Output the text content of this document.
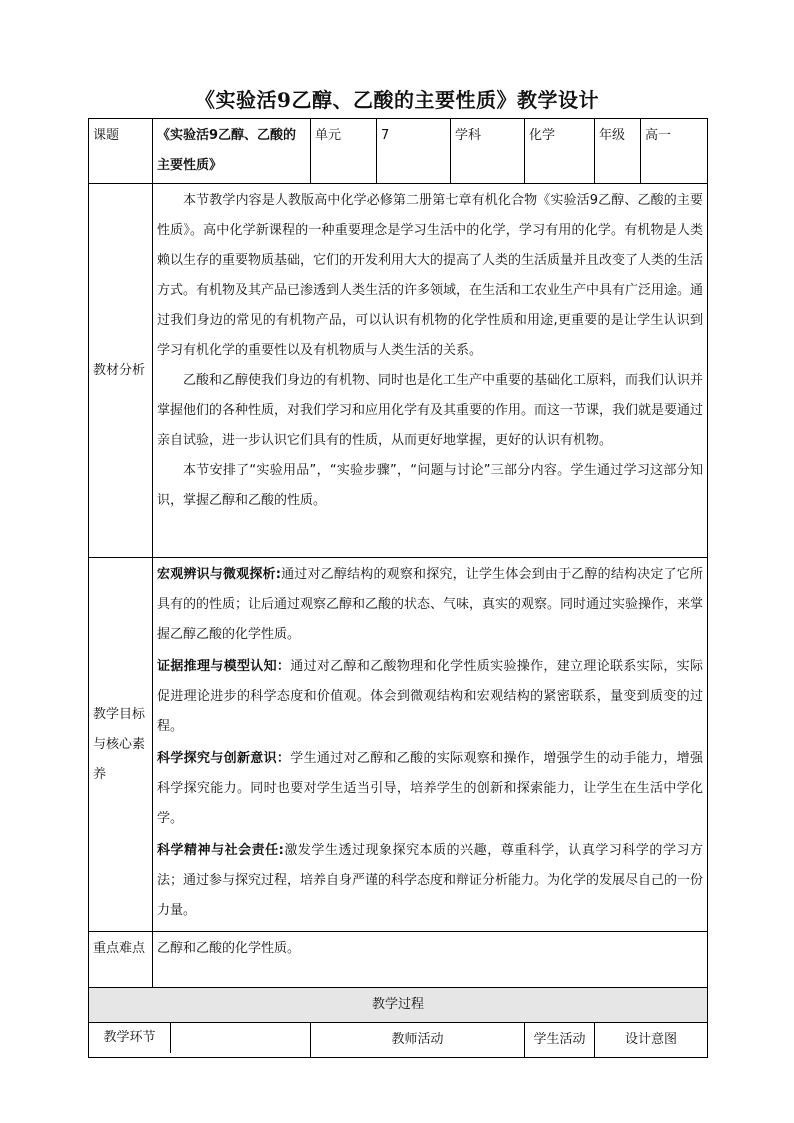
《实验活9乙醇、乙酸的主要性质》教学设计
课题	《实验活9乙醇、乙酸的主要性质》	单元	7	学科	化学	年级	高一
教材分析	本节教学内容是人教版高中化学必修第二册第七章有机化合物《实验活9乙醇、乙酸的主要性质》。高中化学新课程的一种重要理念是学习生活中的化学，学习有用的化学。有机物是人类赖以生存的重要物质基础，它们的开发利用大大的提高了人类的生活质量并且改变了人类的生活方式。有机物及其产品已渗透到人类生活的许多领域，在生活和工农业生产中具有广泛用途。通过我们身边的常见的有机物产品，可以认识有机物的化学性质和用途,更重要的是让学生认识到学习有机化学的重要性以及有机物质与人类生活的关系。

乙酸和乙醇使我们身边的有机物、同时也是化工生产中重要的基础化工原料，而我们认识并掌握他们的各种性质，对我们学习和应用化学有及其重要的作用。而这一节课，我们就是要通过亲自试验，进一步认识它们具有的性质，从而更好地掌握，更好的认识有机物。

本节安排了“实验用品”，“实验步骤”，“问题与讨论”三部分内容。学生通过学习这部分知识，掌握乙醇和乙酸的性质。						

教学目标与核心素养	宏观辨识与微观探析:通过对乙醇结构的观察和探究，让学生体会到由于乙醇的结构决定了它所具有的的性质；让后通过观察乙醇和乙酸的状态、气味，真实的观察。同时通过实验操作，来掌握乙醇乙酸的化学性质。

证据推理与模型认知：通过对乙醇和乙酸物理和化学性质实验操作，建立理论联系实际，实际促进理论进步的科学态度和价值观。体会到微观结构和宏观结构的紧密联系，量变到质变的过程。

科学探究与创新意识：学生通过对乙醇和乙酸的实际观察和操作，增强学生的动手能力，增强科学探究能力。同时也要对学生适当引导，培养学生的创新和探索能力，让学生在生活中学化学。

科学精神与社会责任:激发学生透过现象探究本质的兴趣，尊重科学，认真学习科学的学习方法；通过参与探究过程，培养自身严谨的科学态度和辩证分析能力。为化学的发展尽自己的一份力量。						

重点难点	乙醇和乙酸的化学性质。						
教学过程							

教学环节		教师活动			学生活动	设计意图	
